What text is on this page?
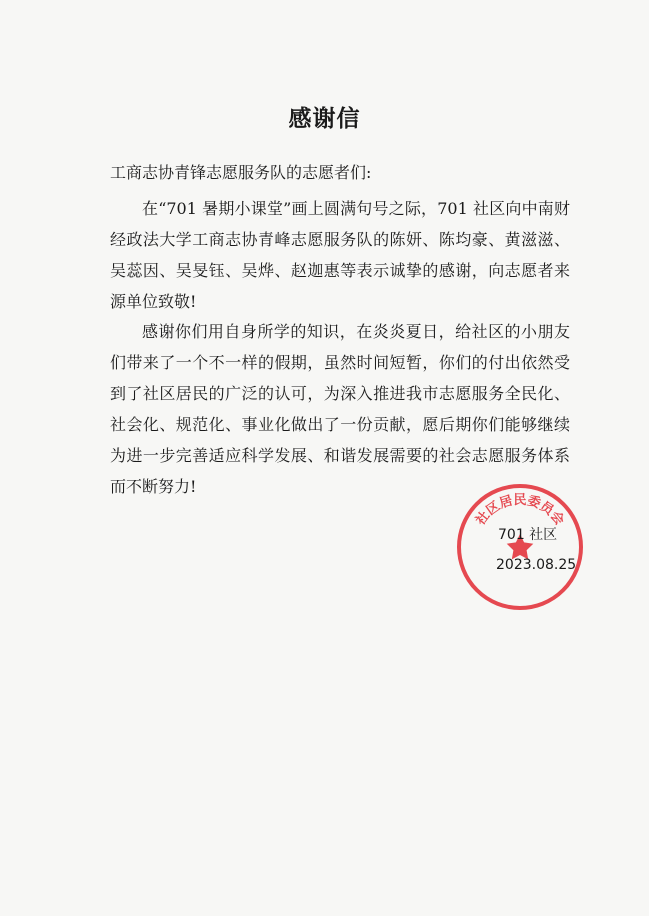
感谢信
工商志协青锋志愿服务队的志愿者们:
在“701 暑期小课堂”画上圆满句号之际，701 社区向中南财经政法大学工商志协青峰志愿服务队的陈妍、陈均豪、黄滋滋、吴蕊因、吴旻钰、吴烨、赵迦惠等表示诚挚的感谢，向志愿者来源单位致敬!
感谢你们用自身所学的知识，在炎炎夏日，给社区的小朋友们带来了一个不一样的假期，虽然时间短暂，你们的付出依然受到了社区居民的广泛的认可，为深入推进我市志愿服务全民化、社会化、规范化、事业化做出了一份贡献，愿后期你们能够继续为进一步完善适应科学发展、和谐发展需要的社会志愿服务体系而不断努力!
社区居民委员会
701 社区
2023.08.25
